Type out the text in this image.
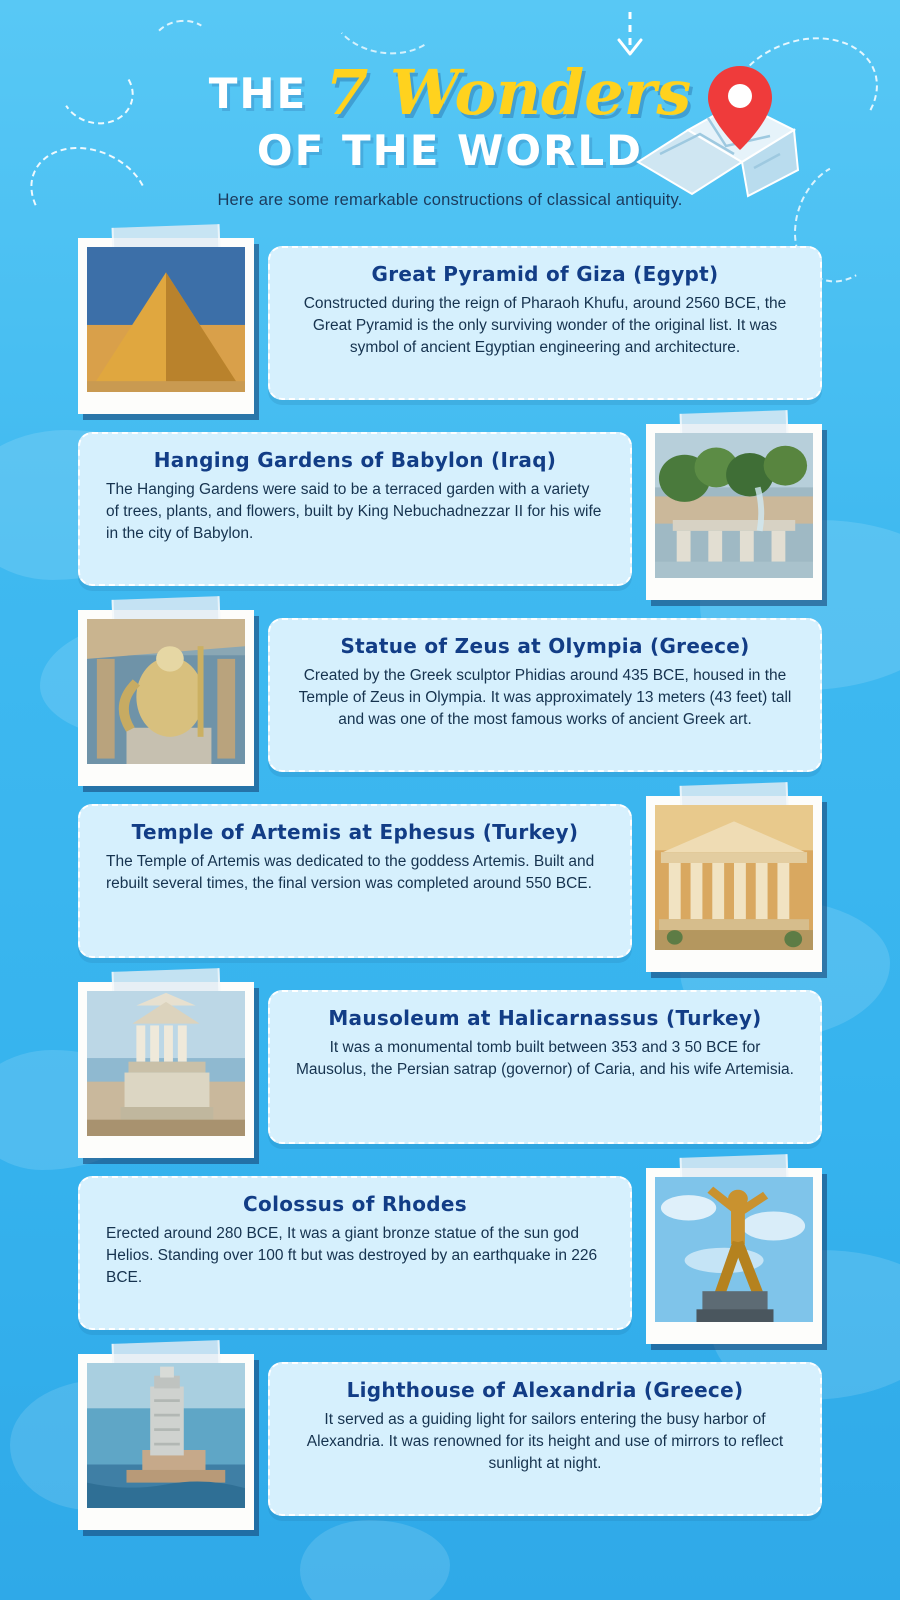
THE 7 Wonders
OF THE WORLD
Here are some remarkable constructions of classical antiquity.
Great Pyramid of Giza (Egypt)
Constructed during the reign of Pharaoh Khufu, around 2560 BCE, the Great Pyramid is the only surviving wonder of the original list. It was symbol of ancient Egyptian engineering and architecture.
Hanging Gardens of Babylon (Iraq)
The Hanging Gardens were said to be a terraced garden with a variety of trees, plants, and flowers, built by King Nebuchadnezzar II for his wife in the city of Babylon.
Statue of Zeus at Olympia (Greece)
Created by the Greek sculptor Phidias around 435 BCE, housed in the Temple of Zeus in Olympia. It was approximately 13 meters (43 feet) tall and was one of the most famous works of ancient Greek art.
Temple of Artemis at Ephesus (Turkey)
The Temple of Artemis was dedicated to the goddess Artemis. Built and rebuilt several times, the final version was completed around 550 BCE.
Mausoleum at Halicarnassus (Turkey)
It was a monumental tomb built between 353 and 3 50 BCE for Mausolus, the Persian satrap (governor) of Caria, and his wife Artemisia.
Colossus of Rhodes
Erected around 280 BCE, It was a giant bronze statue of the sun god Helios. Standing over 100 ft but was destroyed by an earthquake in 226 BCE.
Lighthouse of Alexandria (Greece)
It served as a guiding light for sailors entering the busy harbor of Alexandria. It was renowned for its height and use of mirrors to reflect sunlight at night.
